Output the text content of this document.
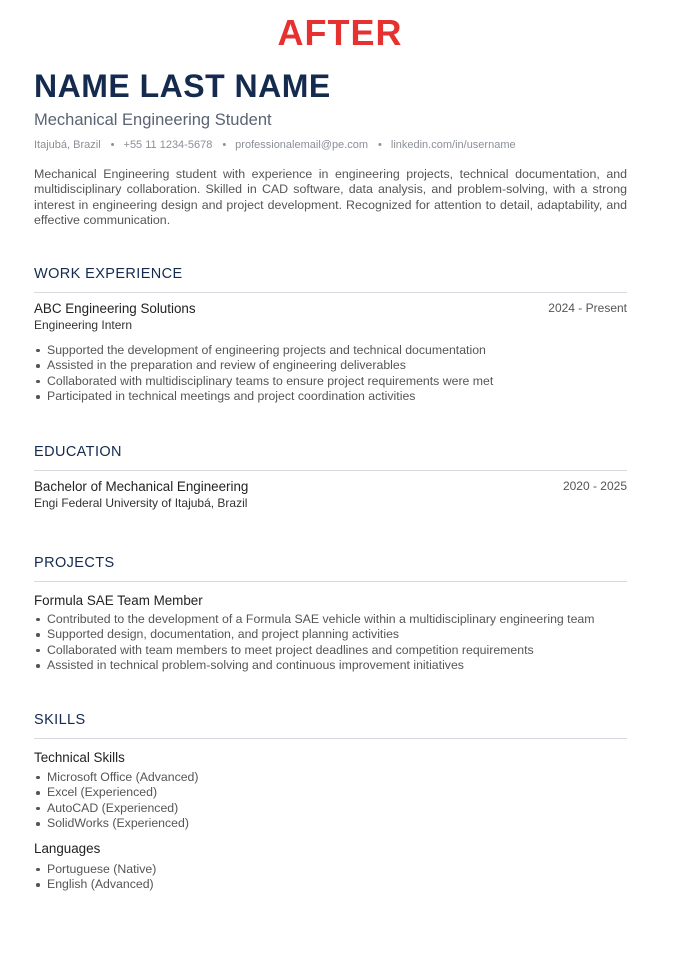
AFTER
NAME LAST NAME
Mechanical Engineering Student
Itajubá, Brazil • +55 11 1234-5678 • professionalemail@pe.com • linkedin.com/in/username
Mechanical Engineering student with experience in engineering projects, technical documentation, and multidisciplinary collaboration. Skilled in CAD software, data analysis, and problem-solving, with a strong interest in engineering design and project development. Recognized for attention to detail, adaptability, and effective communication.
WORK EXPERIENCE
ABC Engineering Solutions	2024 - Present
Engineering Intern
Supported the development of engineering projects and technical documentation
Assisted in the preparation and review of engineering deliverables
Collaborated with multidisciplinary teams to ensure project requirements were met
Participated in technical meetings and project coordination activities
EDUCATION
Bachelor of Mechanical Engineering	2020 - 2025
Engi Federal University of Itajubá, Brazil
PROJECTS
Formula SAE Team Member
Contributed to the development of a Formula SAE vehicle within a multidisciplinary engineering team
Supported design, documentation, and project planning activities
Collaborated with team members to meet project deadlines and competition requirements
Assisted in technical problem-solving and continuous improvement initiatives
SKILLS
Technical Skills
Microsoft Office (Advanced)
Excel (Experienced)
AutoCAD (Experienced)
SolidWorks (Experienced)
Languages
Portuguese (Native)
English (Advanced)
